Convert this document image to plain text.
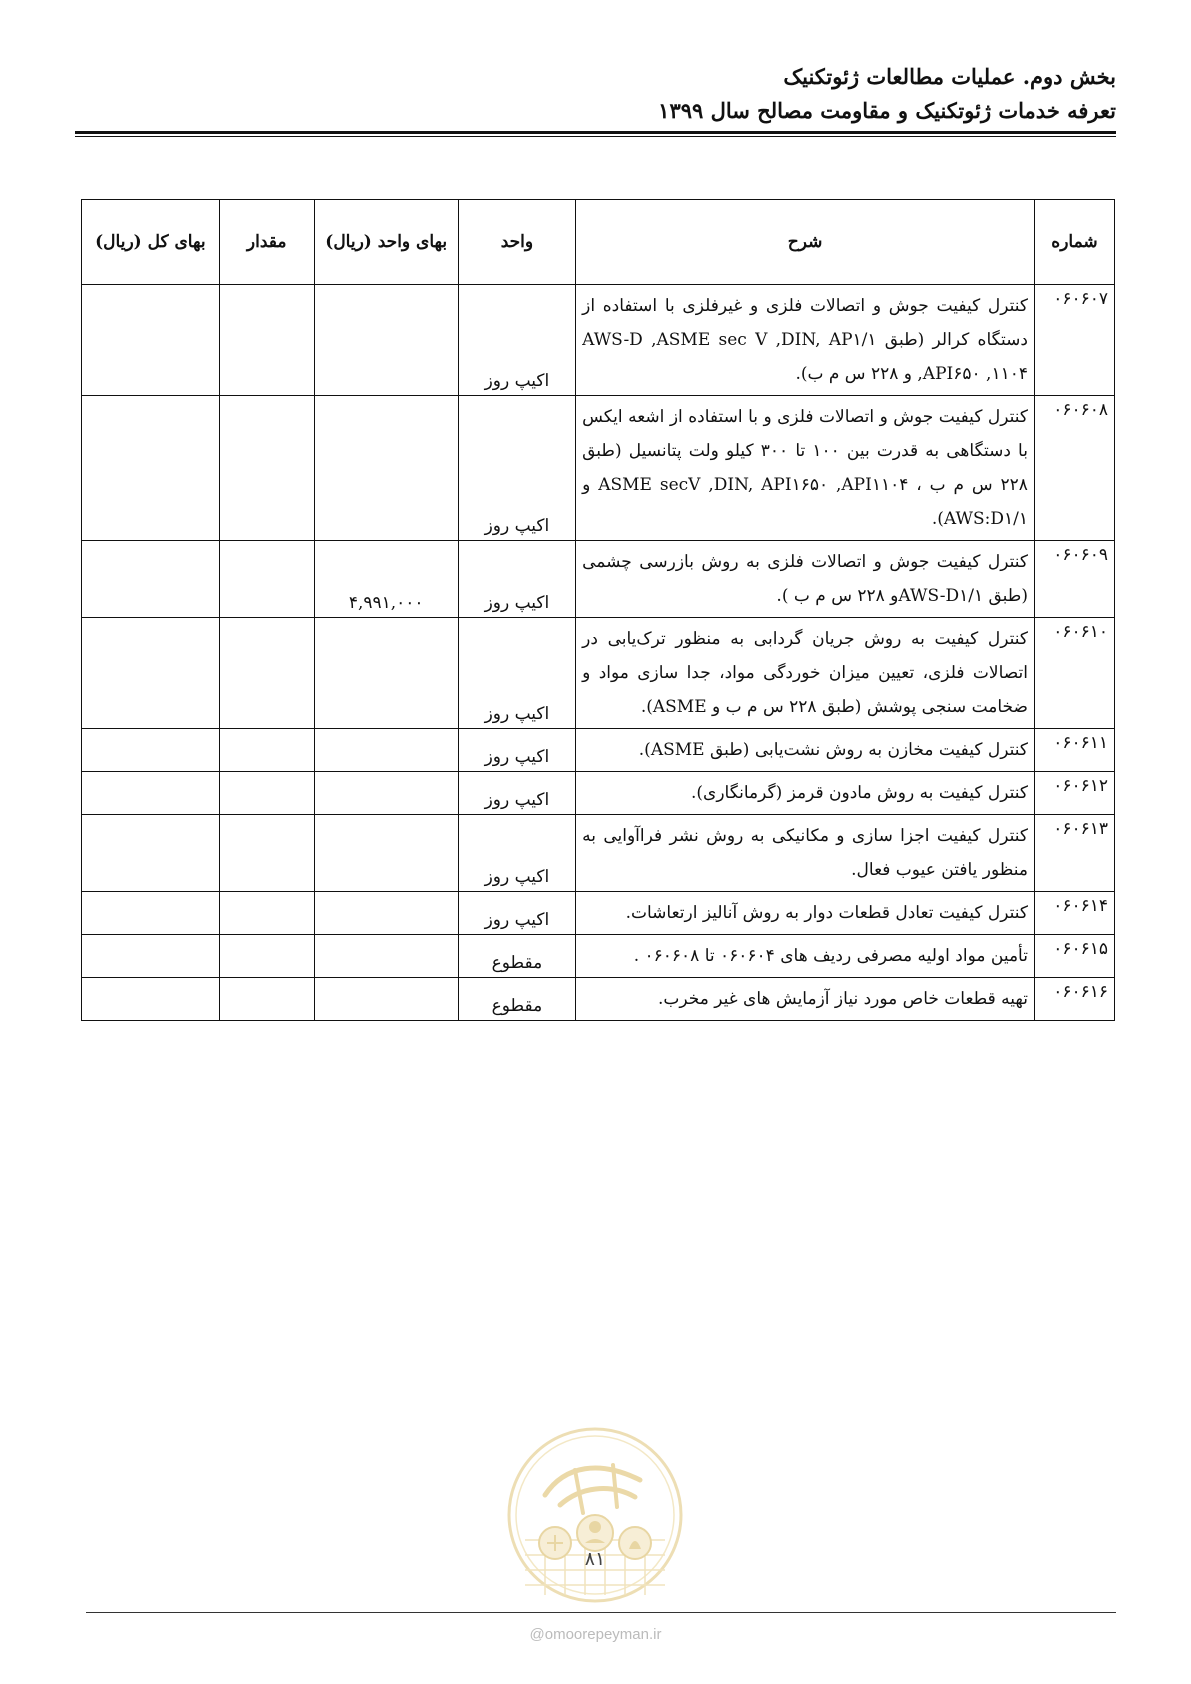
بخش دوم. عملیات مطالعات ژئوتکنیک
تعرفه خدمات ژئوتکنیک و مقاومت مصالح سال ۱۳۹۹
شماره	شرح	واحد	بهای واحد (ریال)	مقدار	بهای کل (ریال)
۰۶۰۶۰۷	کنترل کیفیت جوش و اتصالات فلزی و غیرفلزی با استفاده از دستگاه کرالر (طبق AWS-D ,ASME sec V ,DIN, AP۱/۱ ,API۶۵۰ ,۱۱۰۴ و ۲۲۸ س م ب).	اکیپ روز			
۰۶۰۶۰۸	کنترل کیفیت جوش و اتصالات فلزی و با استفاده از اشعه ایکس با دستگاهی به قدرت بین ۱۰۰ تا ۳۰۰ کیلو ولت پتانسیل (طبق ۲۲۸ س م ب ، ASME secV ,DIN, API۱۶۵۰ ,API۱۱۰۴ و AWS:D۱/۱).	اکیپ روز			
۰۶۰۶۰۹	کنترل کیفیت جوش و اتصالات فلزی به روش بازرسی چشمی (طبق AWS-D۱/۱و ۲۲۸ س م ب ).	اکیپ روز	۴,۹۹۱,۰۰۰		
۰۶۰۶۱۰	کنترل کیفیت به روش جریان گردابی به منظور ترک‌یابی در اتصالات فلزی، تعیین میزان خوردگی مواد، جدا سازی مواد و ضخامت سنجی پوشش (طبق ۲۲۸ س م ب و ASME).	اکیپ روز			
۰۶۰۶۱۱	کنترل کیفیت مخازن به روش نشت‌یابی (طبق ASME).	اکیپ روز			
۰۶۰۶۱۲	کنترل کیفیت به روش مادون قرمز (گرمانگاری).	اکیپ روز			
۰۶۰۶۱۳	کنترل کیفیت اجزا سازی و مکانیکی به روش نشر فراآوایی به منظور یافتن عیوب فعال.	اکیپ روز			
۰۶۰۶۱۴	کنترل کیفیت تعادل قطعات دوار به روش آنالیز ارتعاشات.	اکیپ روز			
۰۶۰۶۱۵	تأمین مواد اولیه مصرفی ردیف های ۰۶۰۶۰۴ تا ۰۶۰۶۰۸ .	مقطوع			
۰۶۰۶۱۶	تهیه قطعات خاص مورد نیاز آزمایش های غیر مخرب.	مقطوع			
۸۱
@omoorepeyman.ir
